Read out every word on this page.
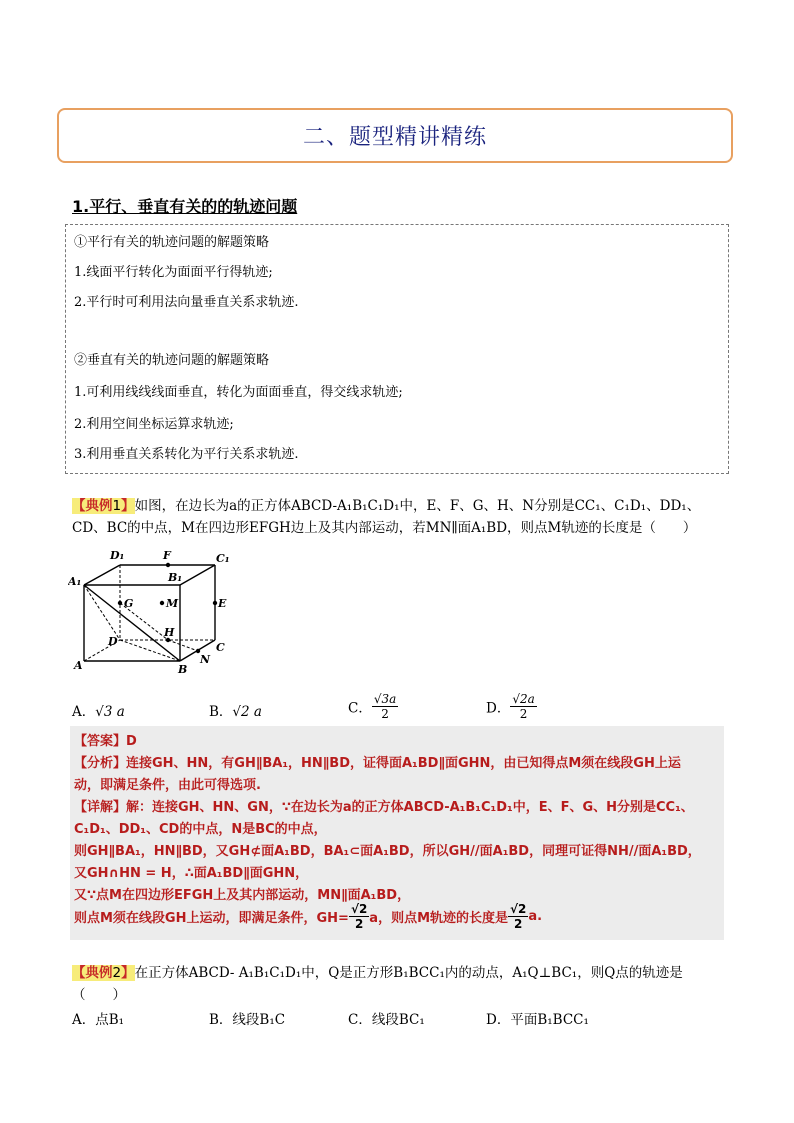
二、题型精讲精练
1.平行、垂直有关的的轨迹问题
①平行有关的轨迹问题的解题策略
1.线面平行转化为面面平行得轨迹;
2.平行时可利用法向量垂直关系求轨迹.
②垂直有关的轨迹问题的解题策略
1.可利用线线线面垂直，转化为面面垂直，得交线求轨迹;
2.利用空间坐标运算求轨迹;
3.利用垂直关系转化为平行关系求轨迹.
【典例1】如图，在边长为a的正方体ABCD-A₁B₁C₁D₁中，E、F、G、H、N分别是CC₁、C₁D₁、DD₁、
CD、BC的中点，M在四边形EFGH边上及其内部运动，若MN∥面A₁BD，则点M轨迹的长度是（　　）
A₁
D₁	F	C₁
B₁
G	M	E
D
H
C
A	B
N
A．√3 a	B．√2 a	C． $\frac{√3a}{2}$	D． $\frac{√2a}{2}$
【答案】D
【分析】连接GH、HN，有GH∥BA₁，HN∥BD，证得面A₁BD∥面GHN，由已知得点M须在线段GH上运
动，即满足条件，由此可得选项.
【详解】解：连接GH、HN、GN，∵在边长为a的正方体ABCD-A₁B₁C₁D₁中，E、F、G、H分别是CC₁、
C₁D₁、DD₁、CD的中点，N是BC的中点，
则GH∥BA₁，HN∥BD，又GH⊄面A₁BD，BA₁⊂面A₁BD，所以GH//面A₁BD，同理可证得NH//面A₁BD，
又GH∩HN = H，∴面A₁BD∥面GHN，
又∵点M在四边形EFGH上及其内部运动，MN∥面A₁BD，
则点M须在线段GH上运动，即满足条件，$GH= \frac{√2}{2}$ a，则点M轨迹的长度是 $\frac{√2}{2} a$.
【典例2】在正方体ABCD- A₁B₁C₁D₁中，Q是正方形B₁BCC₁内的动点，A₁Q⊥BC₁，则Q点的轨迹是
（　　）
A．点B₁	B．线段B₁C	C．线段BC₁	D．平面B₁BCC₁
